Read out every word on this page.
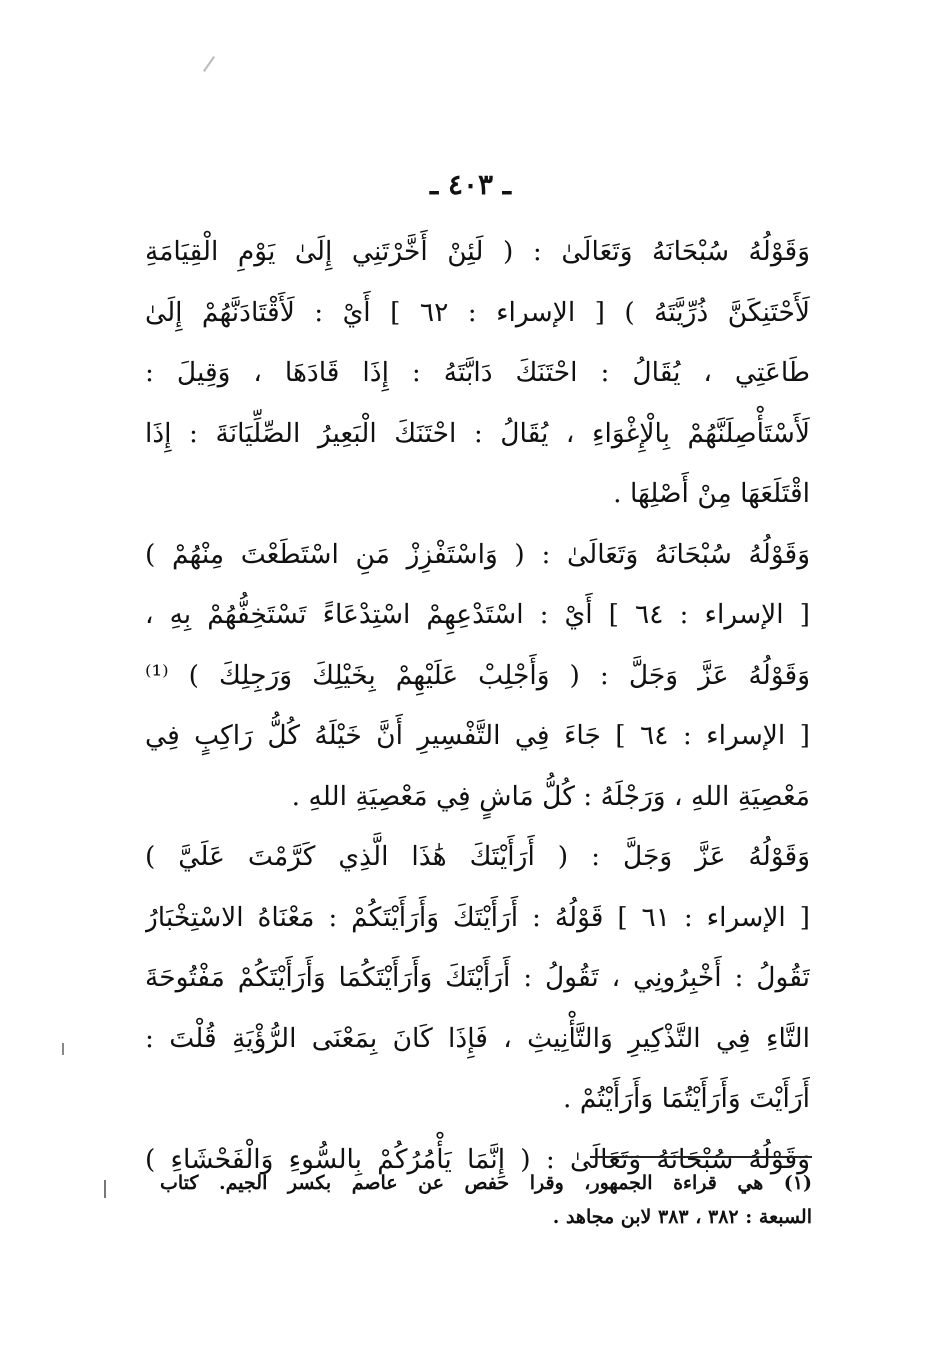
ـ ٤٠٣ ـ
وَقَوْلُهُ سُبْحَانَهُ وَتَعَالَىٰ : ( لَئِنْ أَخَّرْتَنِي إِلَىٰ يَوْمِ الْقِيَامَةِ
لَأَحْتَنِكَنَّ ذُرِّيَّتَهُ ) [ الإسراء : ٦٢ ] أَيْ : لَأَقْتَادَنَّهُمْ إِلَىٰ
طَاعَتِي ، يُقَالُ : احْتَنَكَ دَابَّتَهُ : إِذَا قَادَهَا ، وَقِيلَ :
لَأَسْتَأْصِلَنَّهُمْ بِالْإِغْوَاءِ ، يُقَالُ : احْتَنَكَ الْبَعِيرُ الصِّلِّيَانَةَ : إِذَا
اقْتَلَعَهَا مِنْ أَصْلِهَا .
وَقَوْلُهُ سُبْحَانَهُ وَتَعَالَىٰ : ( وَاسْتَفْزِزْ مَنِ اسْتَطَعْتَ مِنْهُمْ )
[ الإسراء : ٦٤ ] أَيْ : اسْتَدْعِهِمْ اسْتِدْعَاءً تَسْتَخِفُّهُمْ بِهِ ،
وَقَوْلُهُ عَزَّ وَجَلَّ : ( وَأَجْلِبْ عَلَيْهِمْ بِخَيْلِكَ وَرَجِلِكَ ) ⁽¹⁾
[ الإسراء : ٦٤ ] جَاءَ فِي التَّفْسِيرِ أَنَّ خَيْلَهُ كُلُّ رَاكِبٍ فِي
مَعْصِيَةِ اللهِ ، وَرَجْلَهُ : كُلُّ مَاشٍ فِي مَعْصِيَةِ اللهِ .
وَقَوْلُهُ عَزَّ وَجَلَّ : ( أَرَأَيْتَكَ هَٰذَا الَّذِي كَرَّمْتَ عَلَيَّ )
[ الإسراء : ٦١ ] قَوْلُهُ : أَرَأَيْتَكَ وَأَرَأَيْتَكُمْ : مَعْنَاهُ الاسْتِخْبَارُ
تَقُولُ : أَخْبِرُونِي ، تَقُولُ : أَرَأَيْتَكَ وَأَرَأَيْتَكُمَا وَأَرَأَيْتَكُمْ مَفْتُوحَةَ
التَّاءِ فِي التَّذْكِيرِ وَالتَّأْنِيثِ ، فَإِذَا كَانَ بِمَعْنَى الرُّؤْيَةِ قُلْتَ :
أَرَأَيْتَ وَأَرَأَيْتُمَا وَأَرَأَيْتُمْ .
وَقَوْلُهُ سُبْحَانَهُ وَتَعَالَىٰ : ( إِنَّمَا يَأْمُرُكُمْ بِالسُّوءِ وَالْفَحْشَاءِ )
(١) هي قراءة الجمهور، وقرا حفص عن عاصم بكسر الجيم. كتاب
السبعة : ٣٨٢ ، ٣٨٣ لابن مجاهد .
